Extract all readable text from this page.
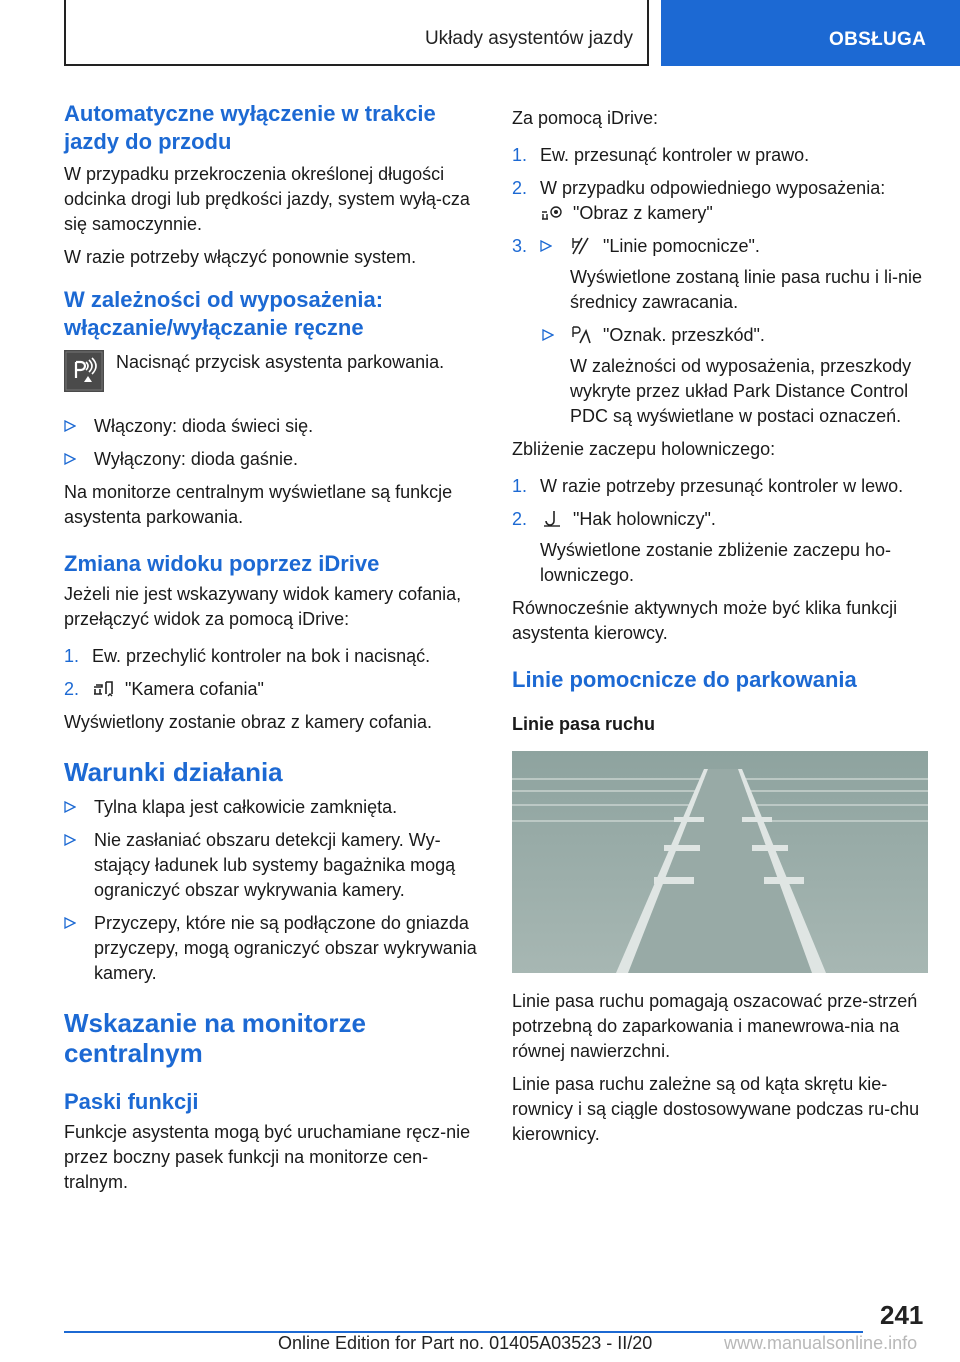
Układy asystentów jazdy	OBSŁUGA
Automatyczne wyłączenie w trakcie jazdy do przodu

W przypadku przekroczenia określonej długości odcinka drogi lub prędkości jazdy, system wyłą‐cza się samoczynnie.

W razie potrzeby włączyć ponownie system.

W zależności od wyposażenia: włączanie/wyłączanie ręczne

Nacisnąć przycisk asystenta parkowania.

Włączony: dioda świeci się.
Wyłączony: dioda gaśnie.

Na monitorze centralnym wyświetlane są funkcje asystenta parkowania.

Zmiana widoku poprzez iDrive

Jeżeli nie jest wskazywany widok kamery cofania, przełączyć widok za pomocą iDrive:

1. Ew. przechylić kontroler na bok i nacisnąć.
2.	"Kamera cofania"

Wyświetlony zostanie obraz z kamery cofania.

Warunki działania
Tylna klapa jest całkowicie zamknięta.
Nie zasłaniać obszaru detekcji kamery. Wy‐stający ładunek lub systemy bagażnika mogą ograniczyć obszar wykrywania kamery.
Przyczepy, które nie są podłączone do gniazda przyczepy, mogą ograniczyć obszar wykrywania kamery.
Wskazanie na monitorze centralnym
Paski funkcji

Funkcje asystenta mogą być uruchamiane ręcz‐nie przez boczny pasek funkcji na monitorze cen‐tralnym.

Za pomocą iDrive:

1. Ew. przesunąć kontroler w prawo.
2. W przypadku odpowiedniego wyposażenia:
"Obraz z kamery"
3.	"Linie pomocnicze".

Wyświetlone zostaną linie pasa ruchu i li‐nie średnicy zawracania.

"Oznak. przeszkód".

W zależności od wyposażenia, przeszkody wykryte przez układ Park Distance Control PDC są wyświetlane w postaci oznaczeń.

Zbliżenie zaczepu holowniczego:

1. W razie potrzeby przesunąć kontroler w lewo.
2.	"Hak holowniczy".

Wyświetlone zostanie zbliżenie zaczepu ho‐lowniczego.

Równocześnie aktywnych może być klika funkcji asystenta kierowcy.

Linie pomocnicze do parkowania
Linie pasa ruchu

Linie pasa ruchu pomagają oszacować prze‐strzeń potrzebną do zaparkowania i manewrowa‐nia na równej nawierzchni.

Linie pasa ruchu zależne są od kąta skrętu kie‐rownicy i są ciągle dostosowywane podczas ru‐chu kierownicy.

241
Online Edition for Part no. 01405A03523 - II/20	www.manualsonline.info
